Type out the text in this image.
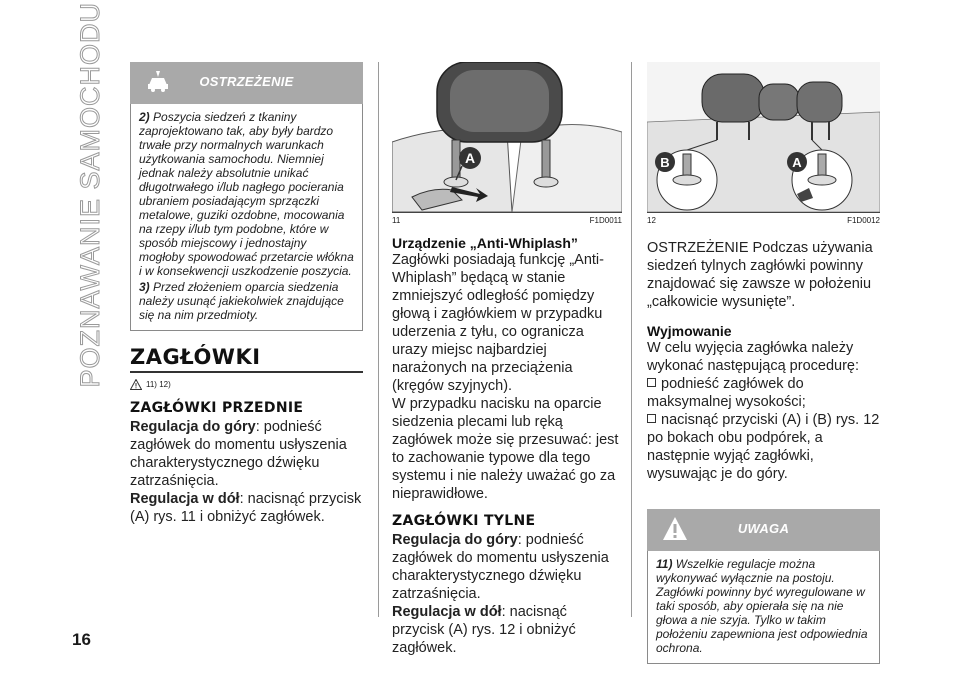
POZNAWANIE SAMOCHODU
16
OSTRZEŻENIE

2) Poszycia siedzeń z tkaniny zaprojektowano tak, aby były bardzo trwałe przy normalnych warunkach użytkowania samochodu. Niemniej jednak należy absolutnie unikać długotrwałego i/lub nagłego pocierania ubraniem posiadającym sprzączki metalowe, guziki ozdobne, mocowania na rzepy i/lub tym podobne, które w sposób miejscowy i jednostajny mogłoby spowodować przetarcie włókna i w konsekwencji uszkodzenie poszycia.

3) Przed złożeniem oparcia siedzenia należy usunąć jakiekolwiek znajdujące się na nim przedmioty.

ZAGŁÓWKI
11) 12)
ZAGŁÓWKI PRZEDNIE

Regulacja do góry: podnieść zagłówek do momentu usłyszenia charakterystycznego dźwięku zatrzaśnięcia.

Regulacja w dół: nacisnąć przycisk (A) rys. 11 i obniżyć zagłówek.

A
11	F1D0011
Urządzenie „Anti-Whiplash”

Zagłówki posiadają funkcję „Anti-Whiplash” będącą w stanie zmniejszyć odległość pomiędzy głową i zagłówkiem w przypadku uderzenia z tyłu, co ogranicza urazy miejsc najbardziej narażonych na przeciążenia (kręgów szyjnych).

W przypadku nacisku na oparcie siedzenia plecami lub ręką zagłówek może się przesuwać: jest to zachowanie typowe dla tego systemu i nie należy uważać go za nieprawidłowe.

ZAGŁÓWKI TYLNE

Regulacja do góry: podnieść zagłówek do momentu usłyszenia charakterystycznego dźwięku zatrzaśnięcia.

Regulacja w dół: nacisnąć przycisk (A) rys. 12 i obniżyć zagłówek.

B	A
12	F1D0012
OSTRZEŻENIE Podczas używania siedzeń tylnych zagłówki powinny znajdować się zawsze w położeniu „całkowicie wysunięte”.
Wyjmowanie

W celu wyjęcia zagłówka należy wykonać następującą procedurę:

podnieść zagłówek do maksymalnej wysokości;

nacisnąć przyciski (A) i (B) rys. 12 po bokach obu podpórek, a następnie wyjąć zagłówki, wysuwając je do góry.

UWAGA

11) Wszelkie regulacje można wykonywać wyłącznie na postoju. Zagłówki powinny być wyregulowane w taki sposób, aby opierała się na nie głowa a nie szyja. Tylko w takim położeniu zapewniona jest odpowiednia ochrona.
